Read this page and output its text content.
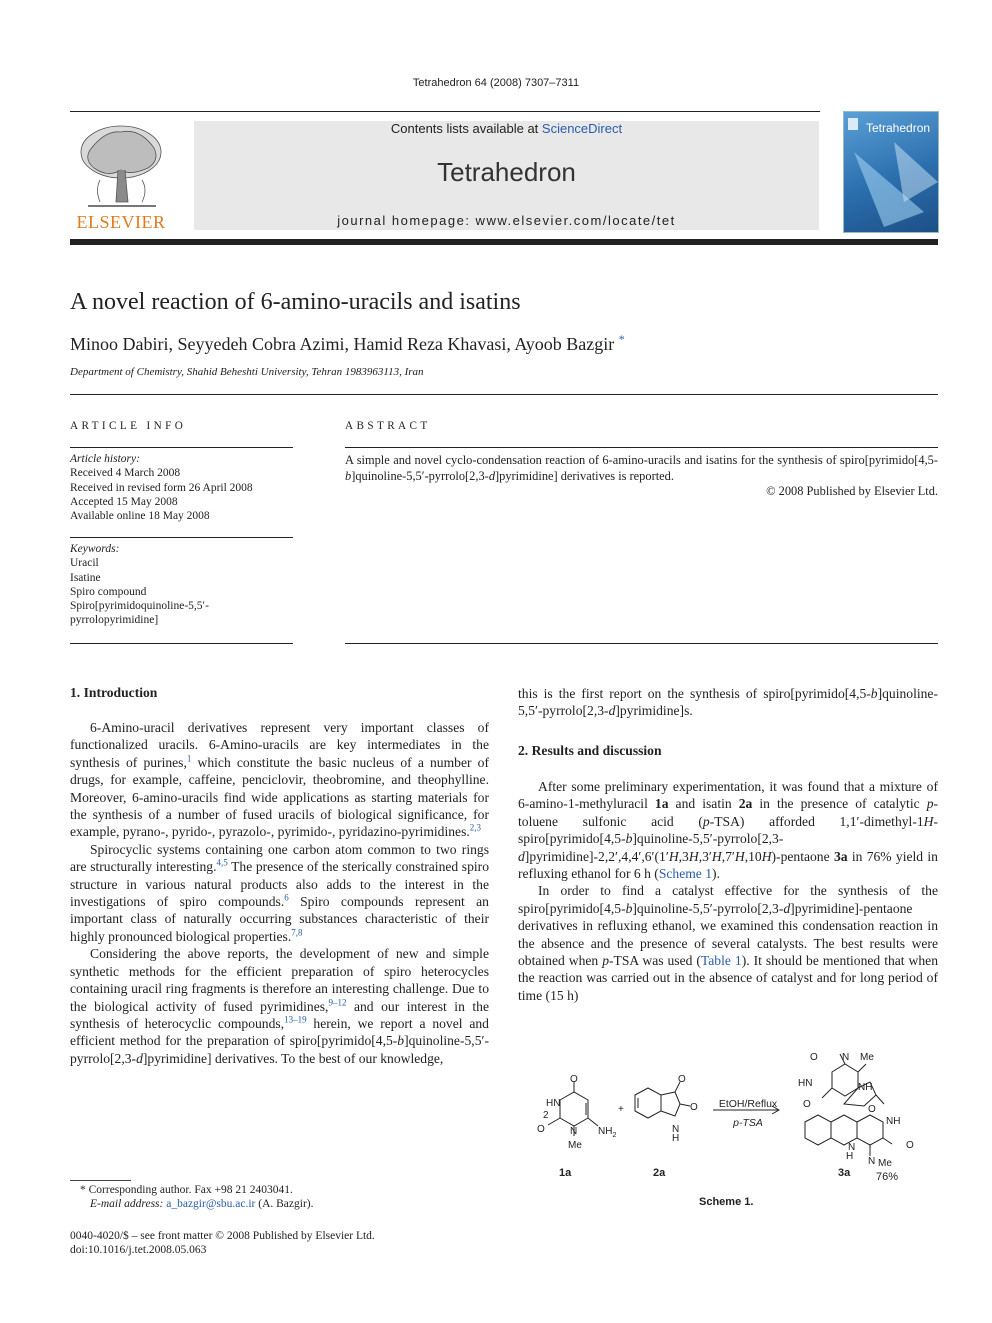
Tetrahedron 64 (2008) 7307–7311
ELSEVIER
Contents lists available at ScienceDirect
Tetrahedron
journal homepage: www.elsevier.com/locate/tet
Tetrahedron
A novel reaction of 6-amino-uracils and isatins
Minoo Dabiri, Seyyedeh Cobra Azimi, Hamid Reza Khavasi, Ayoob Bazgir *
Department of Chemistry, Shahid Beheshti University, Tehran 1983963113, Iran
ARTICLE INFO
Article history:
Received 4 March 2008
Received in revised form 26 April 2008
Accepted 15 May 2008
Available online 18 May 2008
Keywords:
Uracil
Isatine
Spiro compound
Spiro[pyrimidoquinoline-5,5′-
pyrrolopyrimidine]
ABSTRACT
A simple and novel cyclo-condensation reaction of 6-amino-uracils and isatins for the synthesis of spiro[pyrimido[4,5-b]quinoline-5,5′-pyrrolo[2,3-d]pyrimidine] derivatives is reported.
© 2008 Published by Elsevier Ltd.
1. Introduction
6-Amino-uracil derivatives represent very important classes of functionalized uracils. 6-Amino-uracils are key intermediates in the synthesis of purines,$^1$ which constitute the basic nucleus of a number of drugs, for example, caffeine, penciclovir, theobromine, and theophylline. Moreover, 6-amino-uracils find wide applications as starting materials for the synthesis of a number of fused uracils of biological significance, for example, pyrano-, pyrido-, pyrazolo-, pyrimido-, pyridazino-pyrimidines.$^{2,3}$
Spirocyclic systems containing one carbon atom common to two rings are structurally interesting.$^{4,5}$ The presence of the sterically constrained spiro structure in various natural products also adds to the interest in the investigations of spiro compounds.$^6$ Spiro compounds represent an important class of naturally occurring substances characteristic of their highly pronounced biological properties.$^{7,8}$
Considering the above reports, the development of new and simple synthetic methods for the efficient preparation of spiro heterocycles containing uracil ring fragments is therefore an interesting challenge. Due to the biological activity of fused pyrimidines,$^{9-12}$ and our interest in the synthesis of heterocyclic compounds,$^{13-19}$ herein, we report a novel and efficient method for the preparation of spiro[pyrimido[4,5-b]quinoline-5,5′-pyrrolo[2,3-d]pyrimidine] derivatives. To the best of our knowledge,
* Corresponding author. Fax +98 21 2403041.
E-mail address: a_bazgir@sbu.ac.ir (A. Bazgir).
0040-4020/$ – see front matter © 2008 Published by Elsevier Ltd.
doi:10.1016/j.tet.2008.05.063
this is the first report on the synthesis of spiro[pyrimido[4,5-b]quinoline-5,5′-pyrrolo[2,3-d]pyrimidine]s.
2. Results and discussion
After some preliminary experimentation, it was found that a mixture of 6-amino-1-methyluracil 1a and isatin 2a in the presence of catalytic p-toluene sulfonic acid (p-TSA) afforded 1,1′-dimethyl-1H-spiro[pyrimido[4,5-b]quinoline-5,5′-pyrrolo[2,3-d]pyrimidine]-2,2′,4,4′,6′(1′H,3H,3′H,7′H,10H)-pentaone 3a in 76% yield in refluxing ethanol for 6 h (Scheme 1).
In order to find a catalyst effective for the synthesis of the spiro[pyrimido[4,5-b]quinoline-5,5′-pyrrolo[2,3-d]pyrimidine]-pentaone derivatives in refluxing ethanol, we examined this condensation reaction in the absence and the presence of several catalysts. The best results were obtained when p-TSA was used (Table 1). It should be mentioned that when the reaction was carried out in the absence of catalyst and for long period of time (15 h)
O
HN
2
O	N $NH_2$
Me
+
O
O
N
H
O N Me
HN	NH
O	O
NH
O
N
H N Me
EtOH/Reflux
p-TSA
1a	2a	3a 76%
Scheme 1.
